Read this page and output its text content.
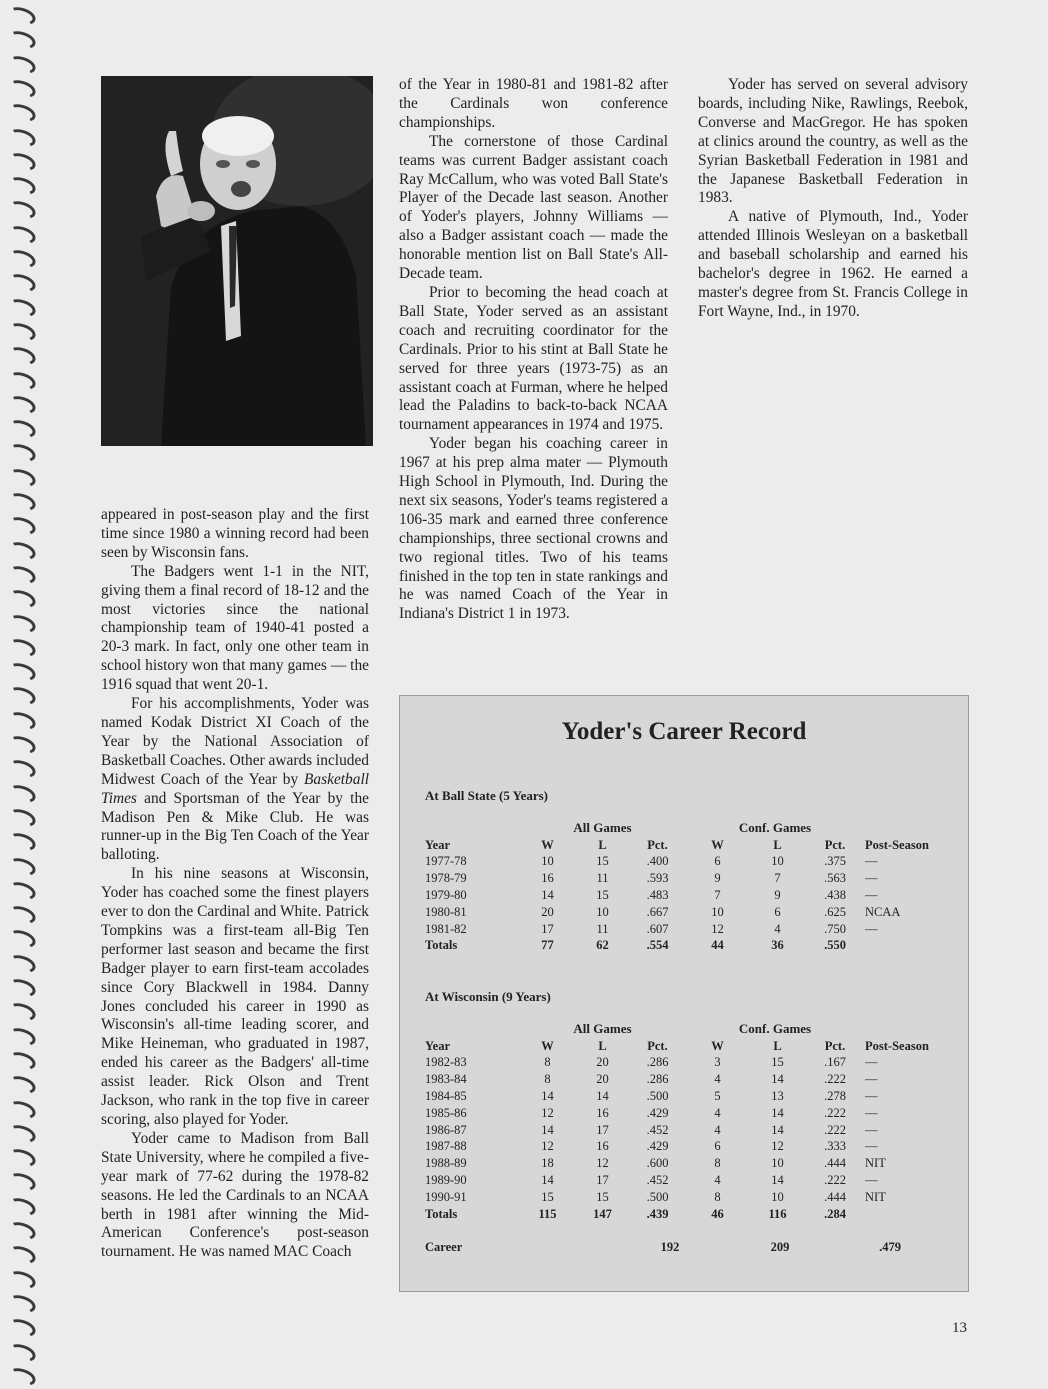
appeared in post-season play and the first time since 1980 a winning record had been seen by Wisconsin fans.

The Badgers went 1-1 in the NIT, giving them a final record of 18-12 and the most victories since the national championship team of 1940-41 posted a 20-3 mark. In fact, only one other team in school history won that many games — the 1916 squad that went 20-1.

For his accomplishments, Yoder was named Kodak District XI Coach of the Year by the National Association of Basketball Coaches. Other awards included Midwest Coach of the Year by Basketball Times and Sportsman of the Year by the Madison Pen & Mike Club. He was runner-up in the Big Ten Coach of the Year balloting.

In his nine seasons at Wisconsin, Yoder has coached some the finest players ever to don the Cardinal and White. Patrick Tompkins was a first-team all-Big Ten performer last season and became the first Badger player to earn first-team accolades since Cory Blackwell in 1984. Danny Jones concluded his career in 1990 as Wisconsin's all-time leading scorer, and Mike Heineman, who graduated in 1987, ended his career as the Badgers' all-time assist leader. Rick Olson and Trent Jackson, who rank in the top five in career scoring, also played for Yoder.

Yoder came to Madison from Ball State University, where he compiled a five-year mark of 77-62 during the 1978-82 seasons. He led the Cardinals to an NCAA berth in 1981 after winning the Mid-American Conference's post-season tournament. He was named MAC Coach

of the Year in 1980-81 and 1981-82 after the Cardinals won conference championships.

The cornerstone of those Cardinal teams was current Badger assistant coach Ray McCallum, who was voted Ball State's Player of the Decade last season. Another of Yoder's players, Johnny Williams — also a Badger assistant coach — made the honorable mention list on Ball State's All-Decade team.

Prior to becoming the head coach at Ball State, Yoder served as an assistant coach and recruiting coordinator for the Cardinals. Prior to his stint at Ball State he served for three years (1973-75) as an assistant coach at Furman, where he helped lead the Paladins to back-to-back NCAA tournament appearances in 1974 and 1975.

Yoder began his coaching career in 1967 at his prep alma mater — Plymouth High School in Plymouth, Ind. During the next six seasons, Yoder's teams registered a 106-35 mark and earned three conference championships, three sectional crowns and two regional titles. Two of his teams finished in the top ten in state rankings and he was named Coach of the Year in Indiana's District 1 in 1973.

Yoder has served on several advisory boards, including Nike, Rawlings, Reebok, Converse and MacGregor. He has spoken at clinics around the country, as well as the Syrian Basketball Federation in 1981 and the Japanese Basketball Federation in 1983.

A native of Plymouth, Ind., Yoder attended Illinois Wesleyan on a basketball and baseball scholarship and earned his bachelor's degree in 1962. He earned a master's degree from St. Francis College in Fort Wayne, Ind., in 1970.

Yoder's Career Record
At Ball State (5 Years)
	All Games			Conf. Games			
Year	W	L	Pct.	W	L	Pct.	Post-Season
1977-78	10	15	.400	6	10	.375	—
1978-79	16	11	.593	9	7	.563	—
1979-80	14	15	.483	7	9	.438	—
1980-81	20	10	.667	10	6	.625	NCAA
1981-82	17	11	.607	12	4	.750	—
Totals	77	62	.554	44	36	.550	
At Wisconsin (9 Years)
	All Games			Conf. Games			
Year	W	L	Pct.	W	L	Pct.	Post-Season
1982-83	8	20	.286	3	15	.167	—
1983-84	8	20	.286	4	14	.222	—
1984-85	14	14	.500	5	13	.278	—
1985-86	12	16	.429	4	14	.222	—
1986-87	14	17	.452	4	14	.222	—
1987-88	12	16	.429	6	12	.333	—
1988-89	18	12	.600	8	10	.444	NIT
1989-90	14	17	.452	4	14	.222	—
1990-91	15	15	.500	8	10	.444	NIT
Totals	115	147	.439	46	116	.284	
Career	192	209	.479
13
